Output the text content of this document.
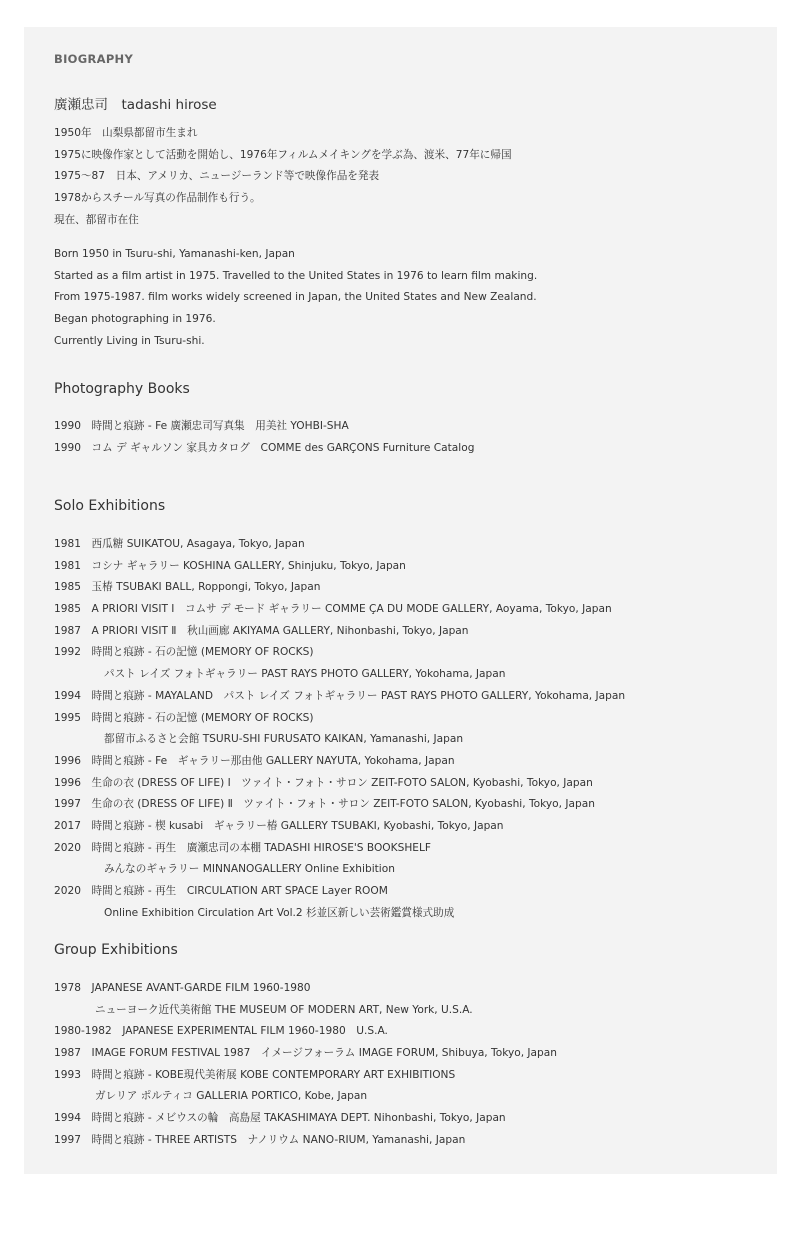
BIOGRAPHY
廣瀬忠司　tadashi hirose
1950年　山梨県都留市生まれ
1975に映像作家として活動を開始し、1976年フィルムメイキングを学ぶ為、渡米、77年に帰国
1975～87　日本、アメリカ、ニュージーランド等で映像作品を発表
1978からスチール写真の作品制作も行う。
現在、都留市在住
Born 1950 in Tsuru-shi, Yamanashi-ken, Japan
Started as a film artist in 1975. Travelled to the United States in 1976 to learn film making.
From 1975-1987. film works widely screened in Japan, the United States and New Zealand.
Began photographing in 1976.
Currently Living in Tsuru-shi.
Photography Books
1990　時間と痕跡 - Fe 廣瀬忠司写真集　用美社 YOHBI-SHA
1990　コム デ ギャルソン 家具カタログ　COMME des GARÇONS Furniture Catalog
Solo Exhibitions
1981　西瓜糖 SUIKATOU, Asagaya, Tokyo, Japan
1981　コシナ ギャラリー KOSHINA GALLERY, Shinjuku, Tokyo, Japan
1985　玉椿 TSUBAKI BALL, Roppongi, Tokyo, Japan
1985　A PRIORI VISIT Ⅰ　コムサ デ モード ギャラリー COMME ÇA DU MODE GALLERY, Aoyama, Tokyo, Japan
1987　A PRIORI VISIT Ⅱ　秋山画廊 AKIYAMA GALLERY, Nihonbashi, Tokyo, Japan
1992　時間と痕跡 - 石の記憶 (MEMORY OF ROCKS)
パスト レイズ フォトギャラリー PAST RAYS PHOTO GALLERY, Yokohama, Japan
1994　時間と痕跡 - MAYALAND　パスト レイズ フォトギャラリー PAST RAYS PHOTO GALLERY, Yokohama, Japan
1995　時間と痕跡 - 石の記憶 (MEMORY OF ROCKS)
都留市ふるさと会館 TSURU-SHI FURUSATO KAIKAN, Yamanashi, Japan
1996　時間と痕跡 - Fe　ギャラリー那由他 GALLERY NAYUTA, Yokohama, Japan
1996　生命の衣 (DRESS OF LIFE) Ⅰ　ツァイト・フォト・サロン ZEIT-FOTO SALON, Kyobashi, Tokyo, Japan
1997　生命の衣 (DRESS OF LIFE) Ⅱ　ツァイト・フォト・サロン ZEIT-FOTO SALON, Kyobashi, Tokyo, Japan
2017　時間と痕跡 - 楔 kusabi　ギャラリー椿 GALLERY TSUBAKI, Kyobashi, Tokyo, Japan
2020　時間と痕跡 - 再生　廣瀬忠司の本棚 TADASHI HIROSE'S BOOKSHELF
みんなのギャラリー MINNANOGALLERY Online Exhibition
2020　時間と痕跡 - 再生　CIRCULATION ART SPACE Layer ROOM
Online Exhibition Circulation Art Vol.2 杉並区新しい芸術鑑賞様式助成
Group Exhibitions
1978　JAPANESE AVANT-GARDE FILM 1960-1980
ニューヨーク近代美術館 THE MUSEUM OF MODERN ART, New York, U.S.A.
1980-1982　JAPANESE EXPERIMENTAL FILM 1960-1980　U.S.A.
1987　IMAGE FORUM FESTIVAL 1987　イメージフォーラム IMAGE FORUM, Shibuya, Tokyo, Japan
1993　時間と痕跡 - KOBE現代美術展 KOBE CONTEMPORARY ART EXHIBITIONS
ガレリア ポルティコ GALLERIA PORTICO, Kobe, Japan
1994　時間と痕跡 - メビウスの輪　高島屋 TAKASHIMAYA DEPT. Nihonbashi, Tokyo, Japan
1997　時間と痕跡 - THREE ARTISTS　ナノリウム NANO-RIUM, Yamanashi, Japan
